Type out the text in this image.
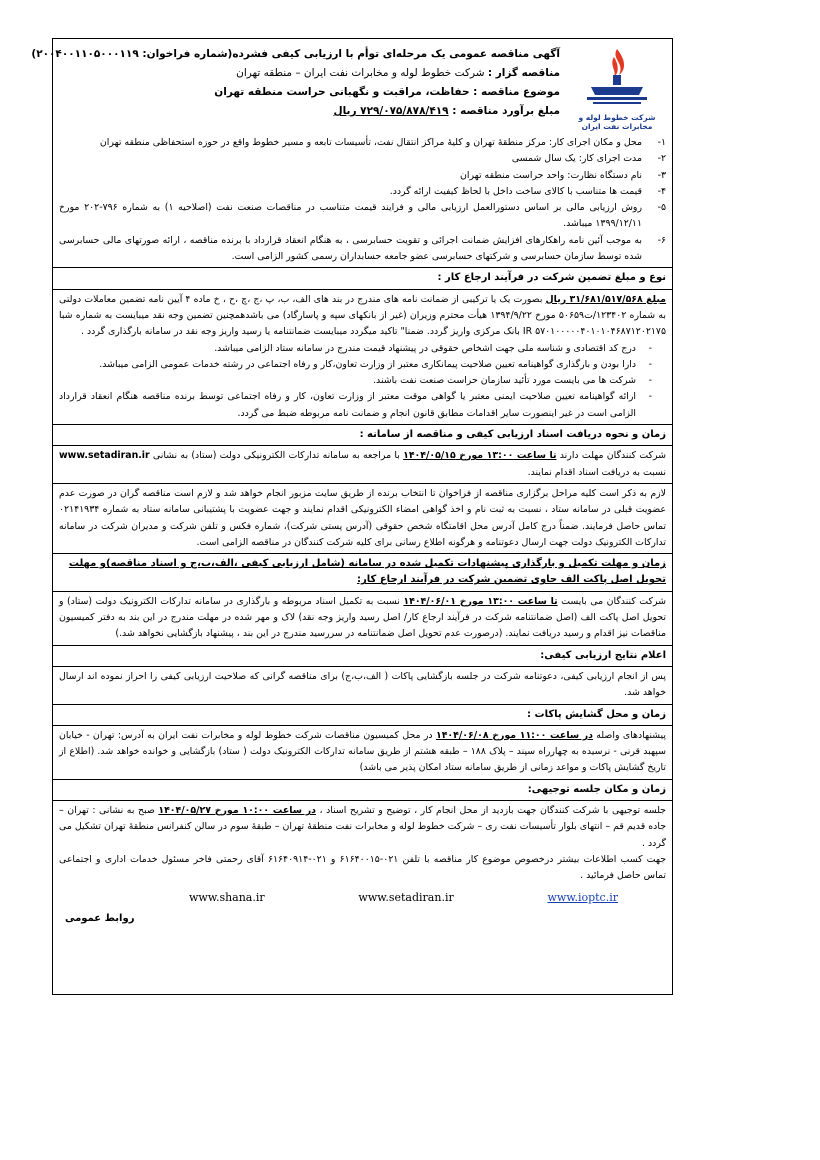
شرکت خطوط لوله و مخابرات نفت ایران
آگهی مناقصه عمومی یک مرحله‌ای توأم با ارزیابی کیفی فشرده(شماره فراخوان: ۲۰۰۴۰۰۱۱۰۵۰۰۰۱۱۹)
مناقصه گزار : شرکت خطوط لوله و مخابرات نفت ایران – منطقه تهران
موضوع مناقصه : حفاظت، مراقبت و نگهبانی حراست منطقه تهران
مبلغ برآورد مناقصه : ۷۲۹/۰۷۵/۸۷۸/۴۱۹ ریال
۱-
محل و مکان اجرای کار: مرکز منطقهٔ تهران و کلیهٔ مراکز انتقال نفت، تأسیسات تابعه و مسیر خطوط واقع در حوزه استحفاظی منطقه تهران
۲-
مدت اجرای کار: یک سال شمسی
۳-
نام دستگاه نظارت: واحد حراست منطقه تهران
۴-
قیمت ها متناسب با کالای ساخت داخل با لحاظ کیفیت ارائه گردد.
۵-
روش ارزیابی مالی بر اساس دستورالعمل ارزیابی مالی و فرایند قیمت متناسب در مناقصات صنعت نفت (اصلاحیه ۱) به شماره ۷۹۶-۲۰۲ مورخ ۱۳۹۹/۱۲/۱۱ میباشد.
۶-
به موجب آئین نامه راهکارهای افزایش ضمانت اجرائی و تقویت حسابرسی ، به هنگام انعقاد قرارداد با برنده مناقصه ، ارائه صورتهای مالی حسابرسی شده توسط سازمان حسابرسی و شرکتهای حسابرسی عضو جامعه حسابداران رسمی کشور الزامی است.
نوع و مبلغ تضمین شرکت در فرآیند ارجاع کار :
مبلغ ۳۱/۶۸۱/۵۱۷/۵۶۸ ریال بصورت یک یا ترکیبی از ضمانت نامه های مندرج در بند های الف، ب، پ ،ج ،چ ،ح ، خ ماده ۴ آیین نامه تضمین معاملات دولتی به شماره ۱۲۳۴۰۲/ت۵۰۶۵۹ مورخ ۱۳۹۴/۹/۲۲ هیأت محترم وزیران (غیر از بانکهای سپه و پاسارگاد) می باشدهمچنین تضمین وجه نقد میبایست به شماره شبا IR ۵۷۰۱۰۰۰۰۰۴۰۱۰۱۰۴۶۸۷۱۲۰۲۱۷۵ بانک مرکزی واریز گردد. ضمنا" تاکید میگردد میبایست ضمانتنامه یا رسید واریز وجه نقد در سامانه بارگذاری گردد .
-
درج کد اقتصادی و شناسه ملی جهت اشخاص حقوقی در پیشنهاد قیمت مندرج در سامانه ستاد الزامی میباشد.
-
دارا بودن و بارگذاری گواهینامه تعیین صلاحیت پیمانکاری معتبر از وزارت تعاون،کار و رفاه اجتماعی در رشته خدمات عمومی الزامی میباشد.
-
شرکت ها می بایست مورد تأئید سازمان حراست صنعت نفت باشند.
-
ارائه گواهینامه تعیین صلاحیت ایمنی معتبر یا گواهی موقت معتبر از وزارت تعاون، کار و رفاه اجتماعی توسط برنده مناقصه هنگام انعقاد قرارداد الزامی است در غیر اینصورت سایر اقدامات مطابق قانون انجام و ضمانت نامه مربوطه ضبط می گردد.
زمان و نحوه دریافت اسناد ارزیابی کیفی و مناقصه از سامانه :
شرکت کنندگان مهلت دارند تا ساعت ۱۳:۰۰ مورخ ۱۴۰۴/۰۵/۱۵ با مراجعه به سامانه تدارکات الکترونیکی دولت (ستاد) به نشانی www.setadiran.ir نسبت به دریافت اسناد اقدام نمایند.
لازم به ذکر است کلیه مراحل برگزاری مناقصه از فراخوان تا انتخاب برنده از طریق سایت مزبور انجام خواهد شد و لازم است مناقصه گران در صورت عدم عضویت قبلی در سامانه ستاد ، نسبت به ثبت نام و اخذ گواهی امضاء الکترونیکی اقدام نمایند و جهت عضویت با پشتیبانی سامانه ستاد به شماره ۰۲۱۴۱۹۳۴ تماس حاصل فرمایند. ضمناً درج کامل آدرس محل اقامتگاه شخص حقوقی (آدرس پستی شرکت)، شماره فکس و تلفن شرکت و مدیران شرکت در سامانه تدارکات الکترونیک دولت جهت ارسال دعوتنامه و هرگونه اطلاع رسانی برای کلیه شرکت کنندگان در مناقصه الزامی است.
زمان و مهلت تکمیل و بارگذاری پیشنهادات تکمیل شده در سامانه (شامل ارزیابی کیفی ،الف،ب،ج و اسناد مناقصه)و مهلت تحویل اصل پاکت الف حاوی تضمین شرکت در فرآیند ارجاع کار:
شرکت کنندگان می بایست تا ساعت ۱۳:۰۰ مورخ ۱۴۰۴/۰۶/۰۱ نسبت به تکمیل اسناد مربوطه و بارگذاری در سامانه تدارکات الکترونیک دولت (ستاد) و تحویل اصل پاکت الف (اصل ضمانتنامه شرکت در فرآیند ارجاع کار/ اصل رسید واریز وجه نقد) لاک و مهر شده در مهلت مندرج در این بند به دفتر کمیسیون مناقصات نیز اقدام و رسید دریافت نمایند. (درصورت عدم تحویل اصل ضمانتنامه در سررسید مندرج در این بند ، پیشنهاد بازگشایی نخواهد شد.)
اعلام نتایج ارزیابی کیفی:
پس از انجام ارزیابی کیفی، دعوتنامه شرکت در جلسه بازگشایی پاکات ( الف،ب،ج) برای مناقصه گرانی که صلاحیت ارزیابی کیفی را احراز نموده اند ارسال خواهد شد.
زمان و محل گشایش پاکات :
پیشنهادهای واصله در ساعت ۱۱:۰۰ مورخ ۱۴۰۴/۰۶/۰۸ در محل کمیسیون مناقصات شرکت خطوط لوله و مخابرات نفت ایران به آدرس: تهران - خیابان سپهبد قرنی - نرسیده به چهارراه سپند – پلاک ۱۸۸ – طبقه هشتم از طریق سامانه تدارکات الکترونیک دولت ( ستاد) بازگشایی و خوانده خواهد شد. (اطلاع از تاریخ گشایش پاکات و مواعد زمانی از طریق سامانه ستاد امکان پذیر می باشد)
زمان و مکان جلسه توجیهی:
جلسه توجیهی با شرکت کنندگان جهت بازدید از محل انجام کار ، توضیح و تشریح اسناد ، در ساعت ۱۰:۰۰ مورخ ۱۴۰۴/۰۵/۲۷ صبح به نشانی : تهران – جاده قدیم قم – انتهای بلوار تأسیسات نفت ری – شرکت خطوط لوله و مخابرات نفت منطقهٔ تهران – طبقهٔ سوم در سالن کنفرانس منطقهٔ تهران تشکیل می گردد .
جهت کسب اطلاعات بیشتر درخصوص موضوع کار مناقصه با تلفن ۰۲۱-۶۱۶۴۰۰۱۵ و ۰۲۱-۶۱۶۴۰۹۱۴ آقای رحمتی فاخر مسئول خدمات اداری و اجتماعی تماس حاصل فرمائید .
www.shana.ir	www.setadiran.ir	www.ioptc.ir
روابط عمومی
